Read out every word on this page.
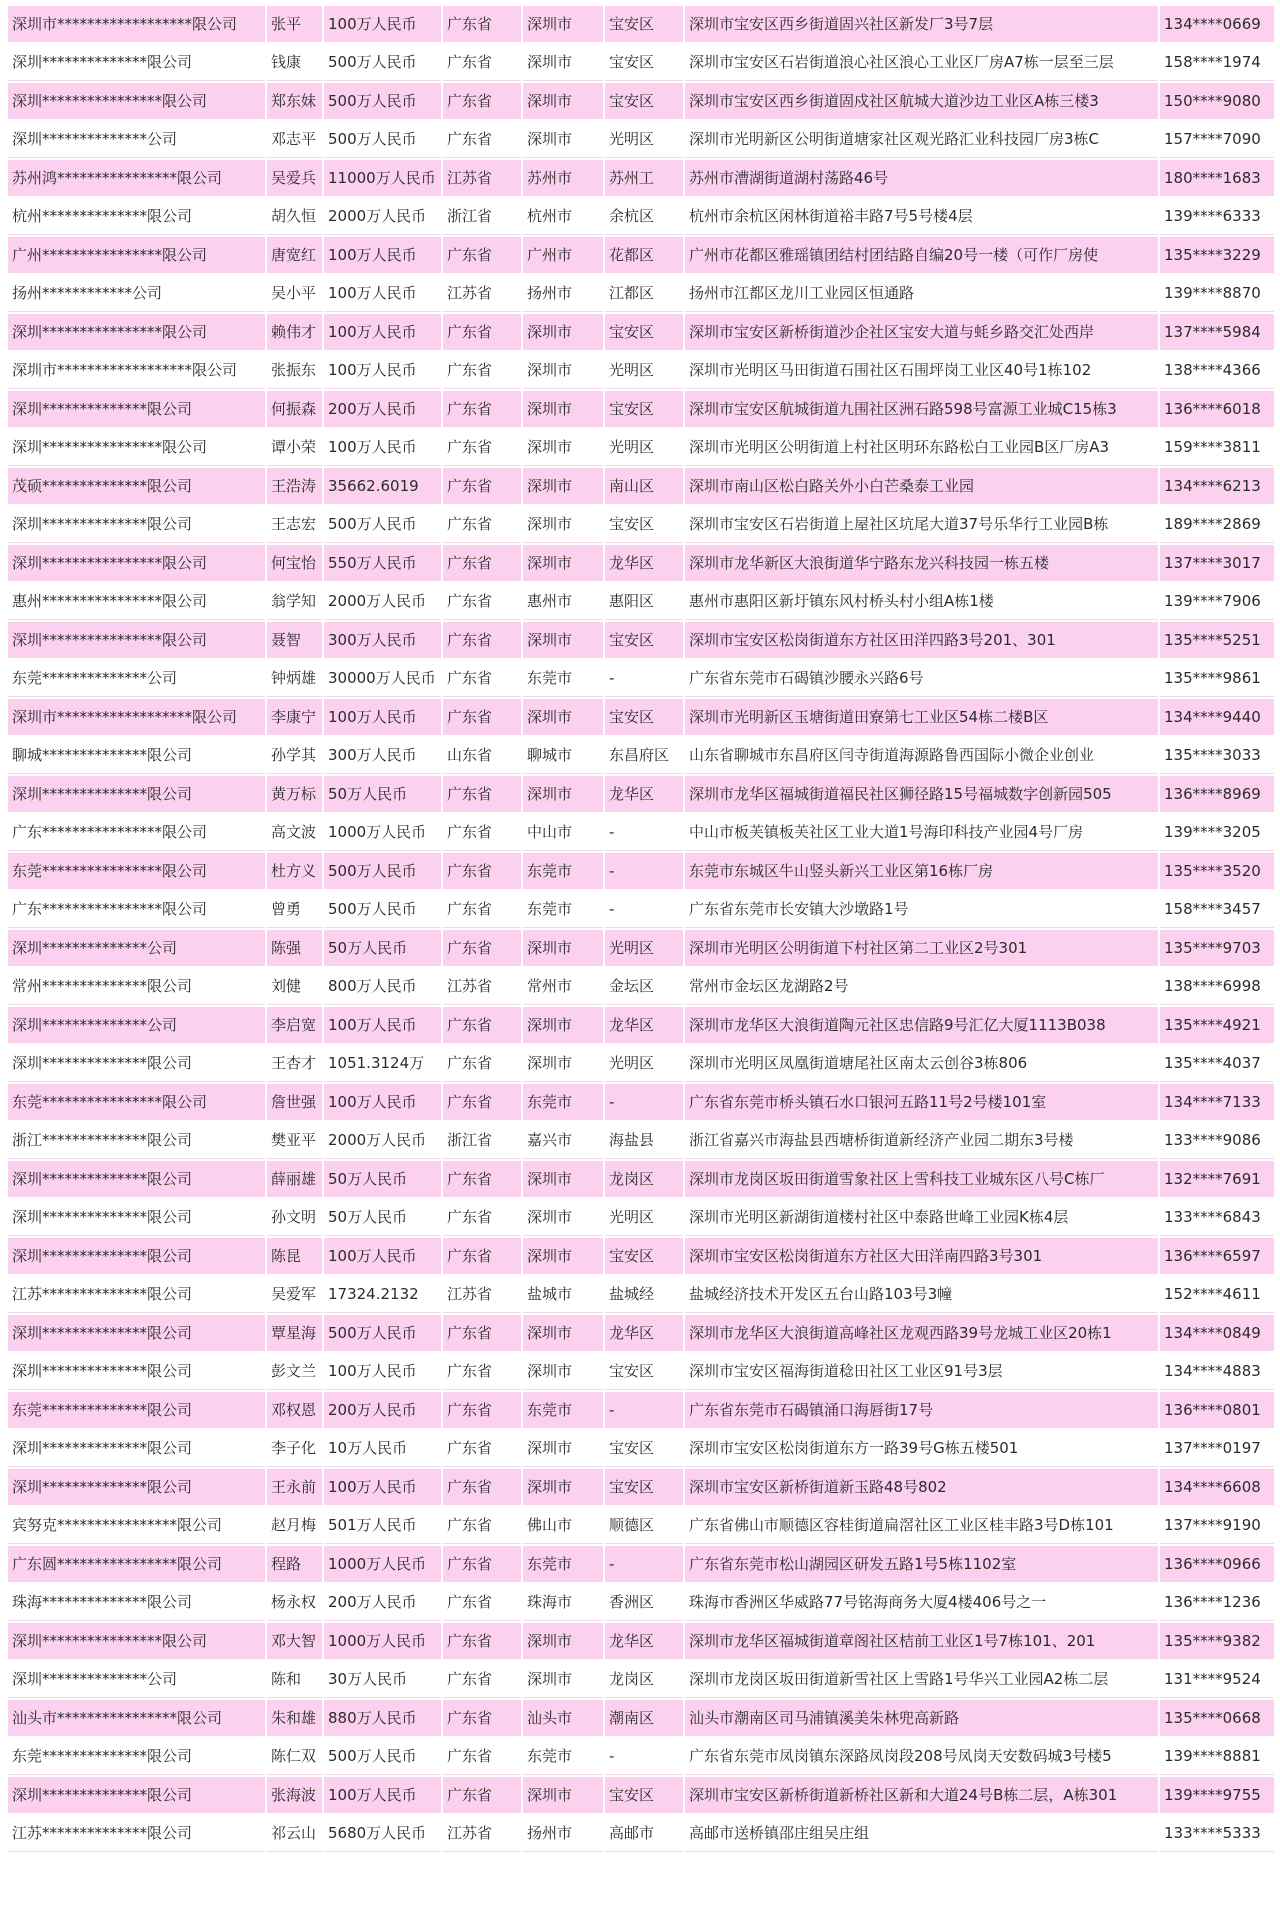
深圳市******************限公司	张平	100万人民币	广东省	深圳市	宝安区	深圳市宝安区西乡街道固兴社区新发厂3号7层	134****0669
深圳**************限公司	钱康	500万人民币	广东省	深圳市	宝安区	深圳市宝安区石岩街道浪心社区浪心工业区厂房A7栋一层至三层	158****1974
深圳****************限公司	郑东妹	500万人民币	广东省	深圳市	宝安区	深圳市宝安区西乡街道固戍社区航城大道沙边工业区A栋三楼3	150****9080
深圳**************公司	邓志平	500万人民币	广东省	深圳市	光明区	深圳市光明新区公明街道塘家社区观光路汇业科技园厂房3栋C	157****7090
苏州鸿****************限公司	吴爱兵	11000万人民币	江苏省	苏州市	苏州工	苏州市漕湖街道湖村荡路46号	180****1683
杭州**************限公司	胡久恒	2000万人民币	浙江省	杭州市	余杭区	杭州市余杭区闲林街道裕丰路7号5号楼4层	139****6333
广州****************限公司	唐宽红	100万人民币	广东省	广州市	花都区	广州市花都区雅瑶镇团结村团结路自编20号一楼（可作厂房使	135****3229
扬州************公司	吴小平	100万人民币	江苏省	扬州市	江都区	扬州市江都区龙川工业园区恒通路	139****8870
深圳****************限公司	赖伟才	100万人民币	广东省	深圳市	宝安区	深圳市宝安区新桥街道沙企社区宝安大道与蚝乡路交汇处西岸	137****5984
深圳市******************限公司	张振东	100万人民币	广东省	深圳市	光明区	深圳市光明区马田街道石围社区石围坪岗工业区40号1栋102	138****4366
深圳**************限公司	何振森	200万人民币	广东省	深圳市	宝安区	深圳市宝安区航城街道九围社区洲石路598号富源工业城C15栋3	136****6018
深圳****************限公司	谭小荣	100万人民币	广东省	深圳市	光明区	深圳市光明区公明街道上村社区明环东路松白工业园B区厂房A3	159****3811
茂硕**************限公司	王浩涛	35662.6019	广东省	深圳市	南山区	深圳市南山区松白路关外小白芒桑泰工业园	134****6213
深圳**************限公司	王志宏	500万人民币	广东省	深圳市	宝安区	深圳市宝安区石岩街道上屋社区坑尾大道37号乐华行工业园B栋	189****2869
深圳****************限公司	何宝怡	550万人民币	广东省	深圳市	龙华区	深圳市龙华新区大浪街道华宁路东龙兴科技园一栋五楼	137****3017
惠州****************限公司	翁学知	2000万人民币	广东省	惠州市	惠阳区	惠州市惠阳区新圩镇东风村桥头村小组A栋1楼	139****7906
深圳****************限公司	聂智	300万人民币	广东省	深圳市	宝安区	深圳市宝安区松岗街道东方社区田洋四路3号201、301	135****5251
东莞**************公司	钟炳雄	30000万人民币	广东省	东莞市	-	广东省东莞市石碣镇沙腰永兴路6号	135****9861
深圳市******************限公司	李康宁	100万人民币	广东省	深圳市	宝安区	深圳市光明新区玉塘街道田寮第七工业区54栋二楼B区	134****9440
聊城**************限公司	孙学其	300万人民币	山东省	聊城市	东昌府区	山东省聊城市东昌府区闫寺街道海源路鲁西国际小微企业创业	135****3033
深圳**************限公司	黄万标	50万人民币	广东省	深圳市	龙华区	深圳市龙华区福城街道福民社区狮径路15号福城数字创新园505	136****8969
广东****************限公司	高文波	1000万人民币	广东省	中山市	-	中山市板芙镇板芙社区工业大道1号海印科技产业园4号厂房	139****3205
东莞****************限公司	杜方义	500万人民币	广东省	东莞市	-	东莞市东城区牛山竖头新兴工业区第16栋厂房	135****3520
广东****************限公司	曾勇	500万人民币	广东省	东莞市	-	广东省东莞市长安镇大沙墩路1号	158****3457
深圳**************公司	陈强	50万人民币	广东省	深圳市	光明区	深圳市光明区公明街道下村社区第二工业区2号301	135****9703
常州**************限公司	刘健	800万人民币	江苏省	常州市	金坛区	常州市金坛区龙湖路2号	138****6998
深圳**************公司	李启宽	100万人民币	广东省	深圳市	龙华区	深圳市龙华区大浪街道陶元社区忠信路9号汇亿大厦1113B038	135****4921
深圳**************限公司	王杏才	1051.3124万	广东省	深圳市	光明区	深圳市光明区凤凰街道塘尾社区南太云创谷3栋806	135****4037
东莞****************限公司	詹世强	100万人民币	广东省	东莞市	-	广东省东莞市桥头镇石水口银河五路11号2号楼101室	134****7133
浙江**************限公司	樊亚平	2000万人民币	浙江省	嘉兴市	海盐县	浙江省嘉兴市海盐县西塘桥街道新经济产业园二期东3号楼	133****9086
深圳**************限公司	薛丽雄	50万人民币	广东省	深圳市	龙岗区	深圳市龙岗区坂田街道雪象社区上雪科技工业城东区八号C栋厂	132****7691
深圳**************限公司	孙文明	50万人民币	广东省	深圳市	光明区	深圳市光明区新湖街道楼村社区中泰路世峰工业园K栋4层	133****6843
深圳**************限公司	陈昆	100万人民币	广东省	深圳市	宝安区	深圳市宝安区松岗街道东方社区大田洋南四路3号301	136****6597
江苏**************限公司	吴爱军	17324.2132	江苏省	盐城市	盐城经	盐城经济技术开发区五台山路103号3幢	152****4611
深圳**************限公司	覃星海	500万人民币	广东省	深圳市	龙华区	深圳市龙华区大浪街道高峰社区龙观西路39号龙城工业区20栋1	134****0849
深圳**************限公司	彭文兰	100万人民币	广东省	深圳市	宝安区	深圳市宝安区福海街道稔田社区工业区91号3层	134****4883
东莞**************限公司	邓权恩	200万人民币	广东省	东莞市	-	广东省东莞市石碣镇涌口海唇街17号	136****0801
深圳**************限公司	李子化	10万人民币	广东省	深圳市	宝安区	深圳市宝安区松岗街道东方一路39号G栋五楼501	137****0197
深圳**************限公司	王永前	100万人民币	广东省	深圳市	宝安区	深圳市宝安区新桥街道新玉路48号802	134****6608
宾努克****************限公司	赵月梅	501万人民币	广东省	佛山市	顺德区	广东省佛山市顺德区容桂街道扁滘社区工业区桂丰路3号D栋101	137****9190
广东圆****************限公司	程路	1000万人民币	广东省	东莞市	-	广东省东莞市松山湖园区研发五路1号5栋1102室	136****0966
珠海**************限公司	杨永权	200万人民币	广东省	珠海市	香洲区	珠海市香洲区华威路77号铭海商务大厦4楼406号之一	136****1236
深圳****************限公司	邓大智	1000万人民币	广东省	深圳市	龙华区	深圳市龙华区福城街道章阁社区桔前工业区1号7栋101、201	135****9382
深圳**************公司	陈和	30万人民币	广东省	深圳市	龙岗区	深圳市龙岗区坂田街道新雪社区上雪路1号华兴工业园A2栋二层	131****9524
汕头市****************限公司	朱和雄	880万人民币	广东省	汕头市	潮南区	汕头市潮南区司马浦镇溪美朱林兜高新路	135****0668
东莞**************限公司	陈仁双	500万人民币	广东省	东莞市	-	广东省东莞市凤岗镇东深路凤岗段208号凤岗天安数码城3号楼5	139****8881
深圳**************限公司	张海波	100万人民币	广东省	深圳市	宝安区	深圳市宝安区新桥街道新桥社区新和大道24号B栋二层，A栋301	139****9755
江苏**************限公司	祁云山	5680万人民币	江苏省	扬州市	高邮市	高邮市送桥镇邵庄组吴庄组	133****5333
